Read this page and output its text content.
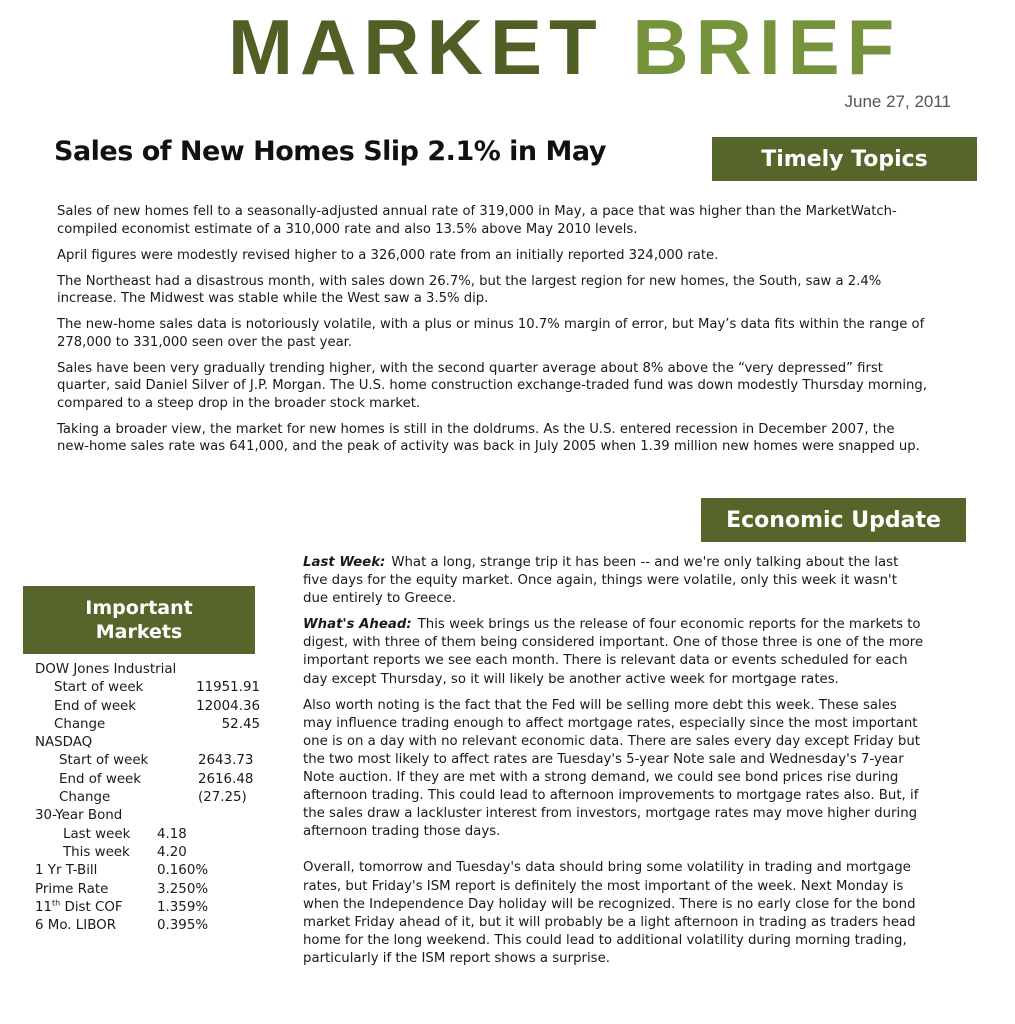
MARKET BRIEF
June 27, 2011
Sales of New Homes Slip 2.1% in May	Timely Topics

Sales of new homes fell to a seasonally-adjusted annual rate of 319,000 in May, a pace that was higher than the MarketWatch-compiled economist estimate of a 310,000 rate and also 13.5% above May 2010 levels.

April figures were modestly revised higher to a 326,000 rate from an initially reported 324,000 rate.

The Northeast had a disastrous month, with sales down 26.7%, but the largest region for new homes, the South, saw a 2.4% increase. The Midwest was stable while the West saw a 3.5% dip.

The new-home sales data is notoriously volatile, with a plus or minus 10.7% margin of error, but May’s data fits within the range of 278,000 to 331,000 seen over the past year.

Sales have been very gradually trending higher, with the second quarter average about 8% above the “very depressed” first quarter, said Daniel Silver of J.P. Morgan. The U.S. home construction exchange-traded fund was down modestly Thursday morning, compared to a steep drop in the broader stock market.

Taking a broader view, the market for new homes is still in the doldrums. As the U.S. entered recession in December 2007, the new-home sales rate was 641,000, and the peak of activity was back in July 2005 when 1.39 million new homes were snapped up.

Economic Update
Important
Markets
DOW Jones Industrial
Start of week	11951.91
End of week	12004.36
Change	52.45
NASDAQ
Start of week	2643.73
End of week	2616.48
Change	(27.25)
30-Year Bond
Last week	4.18
This week	4.20
1 Yr T-Bill	0.160%
Prime Rate	3.250%
11th Dist COF	1.359%
6 Mo. LIBOR	0.395%

Last Week: What a long, strange trip it has been -- and we're only talking about the last five days for the equity market. Once again, things were volatile, only this week it wasn't due entirely to Greece.

What's Ahead: This week brings us the release of four economic reports for the markets to digest, with three of them being considered important. One of those three is one of the more important reports we see each month. There is relevant data or events scheduled for each day except Thursday, so it will likely be another active week for mortgage rates.

Also worth noting is the fact that the Fed will be selling more debt this week. These sales may influence trading enough to affect mortgage rates, especially since the most important one is on a day with no relevant economic data. There are sales every day except Friday but the two most likely to affect rates are Tuesday's 5-year Note sale and Wednesday's 7-year Note auction. If they are met with a strong demand, we could see bond prices rise during afternoon trading. This could lead to afternoon improvements to mortgage rates also. But, if the sales draw a lackluster interest from investors, mortgage rates may move higher during afternoon trading those days.

Overall, tomorrow and Tuesday's data should bring some volatility in trading and mortgage rates, but Friday's ISM report is definitely the most important of the week. Next Monday is when the Independence Day holiday will be recognized. There is no early close for the bond market Friday ahead of it, but it will probably be a light afternoon in trading as traders head home for the long weekend. This could lead to additional volatility during morning trading, particularly if the ISM report shows a surprise.
